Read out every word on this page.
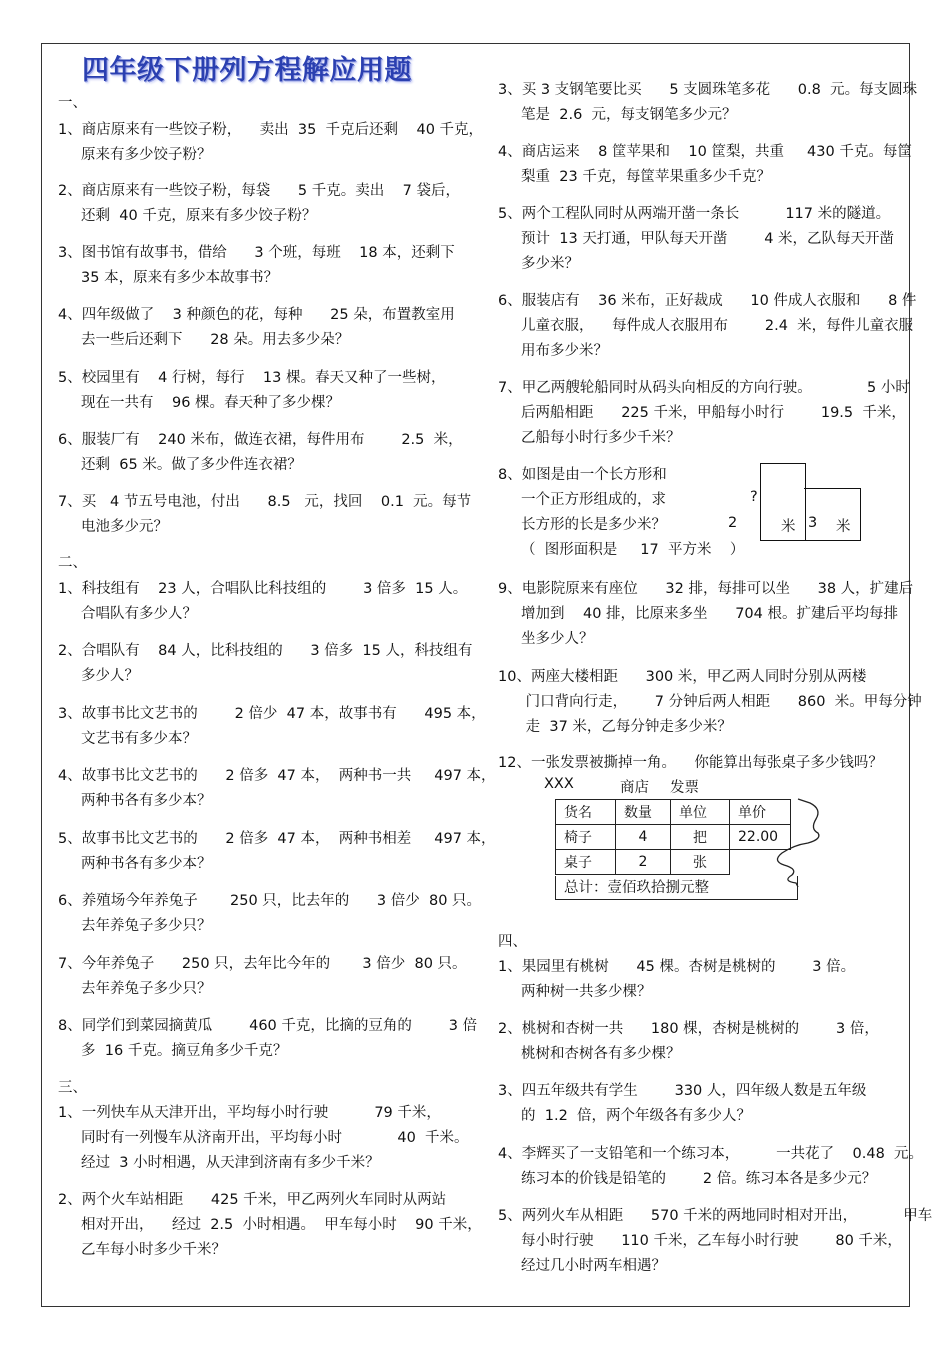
四年级下册列方程解应用题
一、
1、商店原来有一些饺子粉，    卖出  35  千克后还剩    40 千克，
原来有多少饺子粉？
2、商店原来有一些饺子粉，每袋      5 千克。卖出    7 袋后，
还剩  40 千克，原来有多少饺子粉？
3、图书馆有故事书，借给      3 个班，每班    18 本，还剩下
35 本，原来有多少本故事书？
4、四年级做了    3 种颜色的花，每种      25 朵，布置教室用
去一些后还剩下      28 朵。用去多少朵？
5、校园里有    4 行树，每行    13 棵。春天又种了一些树，
现在一共有    96 棵。春天种了多少棵？
6、服装厂有    240 米布，做连衣裙，每件用布        2.5  米，
还剩  65 米。做了多少件连衣裙？
7、买   4 节五号电池，付出      8.5   元，找回    0.1  元。每节
电池多少元？
二、
1、科技组有    23 人，合唱队比科技组的        3 倍多  15 人。
合唱队有多少人？
2、合唱队有    84 人，比科技组的      3 倍多  15 人，科技组有
多少人？
3、故事书比文艺书的        2 倍少  47 本，故事书有      495 本，
文艺书有多少本？
4、故事书比文艺书的      2 倍多  47 本，  两种书一共     497 本，
两种书各有多少本？
5、故事书比文艺书的      2 倍多  47 本，  两种书相差     497 本，
两种书各有多少本？
6、养殖场今年养兔子       250 只，比去年的      3 倍少  80 只。
去年养兔子多少只？
7、今年养兔子      250 只，去年比今年的       3 倍少  80 只。
去年养兔子多少只？
8、同学们到菜园摘黄瓜        460 千克，比摘的豆角的        3 倍
多  16 千克。摘豆角多少千克？
三、
1、一列快车从天津开出，平均每小时行驶          79 千米，
同时有一列慢车从济南开出，平均每小时            40  千米。
经过  3 小时相遇，从天津到济南有多少千米？
2、两个火车站相距      425 千米，甲乙两列火车同时从两站
相对开出，    经过  2.5  小时相遇。  甲车每小时    90 千米，
乙车每小时多少千米？
3、买 3 支钢笔要比买      5 支圆珠笔多花      0.8  元。每支圆珠
笔是  2.6  元，每支钢笔多少元？
4、商店运来    8 筐苹果和    10 筐梨，共重     430 千克。每筐
梨重  23 千克，每筐苹果重多少千克？
5、两个工程队同时从两端开凿一条长          117 米的隧道。
预计  13 天打通，甲队每天开凿        4 米，乙队每天开凿
多少米？
6、服装店有    36 米布，正好裁成      10 件成人衣服和      8 件
儿童衣服，    每件成人衣服用布        2.4  米，每件儿童衣服
用布多少米？
7、甲乙两艘轮船同时从码头向相反的方向行驶。            5 小时
后两船相距      225 千米，甲船每小时行        19.5  千米，
乙船每小时行多少千米？
8、如图是由一个长方形和
一个正方形组成的，求
长方形的长是多少米？
（  图形面积是     17  平方米    ）
9、电影院原来有座位      32 排，每排可以坐      38 人，扩建后
增加到    40 排，比原来多坐      704 根。扩建后平均每排
坐多少人？
10、两座大楼相距      300 米，甲乙两人同时分别从两楼
门口背向行走，      7 分钟后两人相距      860  米。甲每分钟
走  37 米，乙每分钟走多少米？
12、一张发票被撕掉一角。    你能算出每张桌子多少钱吗？
四、
1、果园里有桃树      45 棵。杏树是桃树的        3 倍。
两种树一共多少棵？
2、桃树和杏树一共      180 棵，杏树是桃树的        3 倍，
桃树和杏树各有多少棵？
3、四五年级共有学生        330 人，四年级人数是五年级
的  1.2  倍，两个年级各有多少人？
4、李辉买了一支铅笔和一个练习本，        一共花了    0.48  元。
练习本的价钱是铅笔的        2 倍。练习本各是多少元？
5、两列火车从相距      570 千米的两地同时相对开出，          甲车
每小时行驶      110 千米，乙车每小时行驶        80 千米，
经过几小时两车相遇？
?
2	米 3 米
XXX	商店 发票
货名	数量	单位	单价
椅子	4	把	22.00
桌子	2	张	
总计：壹佰玖拾捌元整
